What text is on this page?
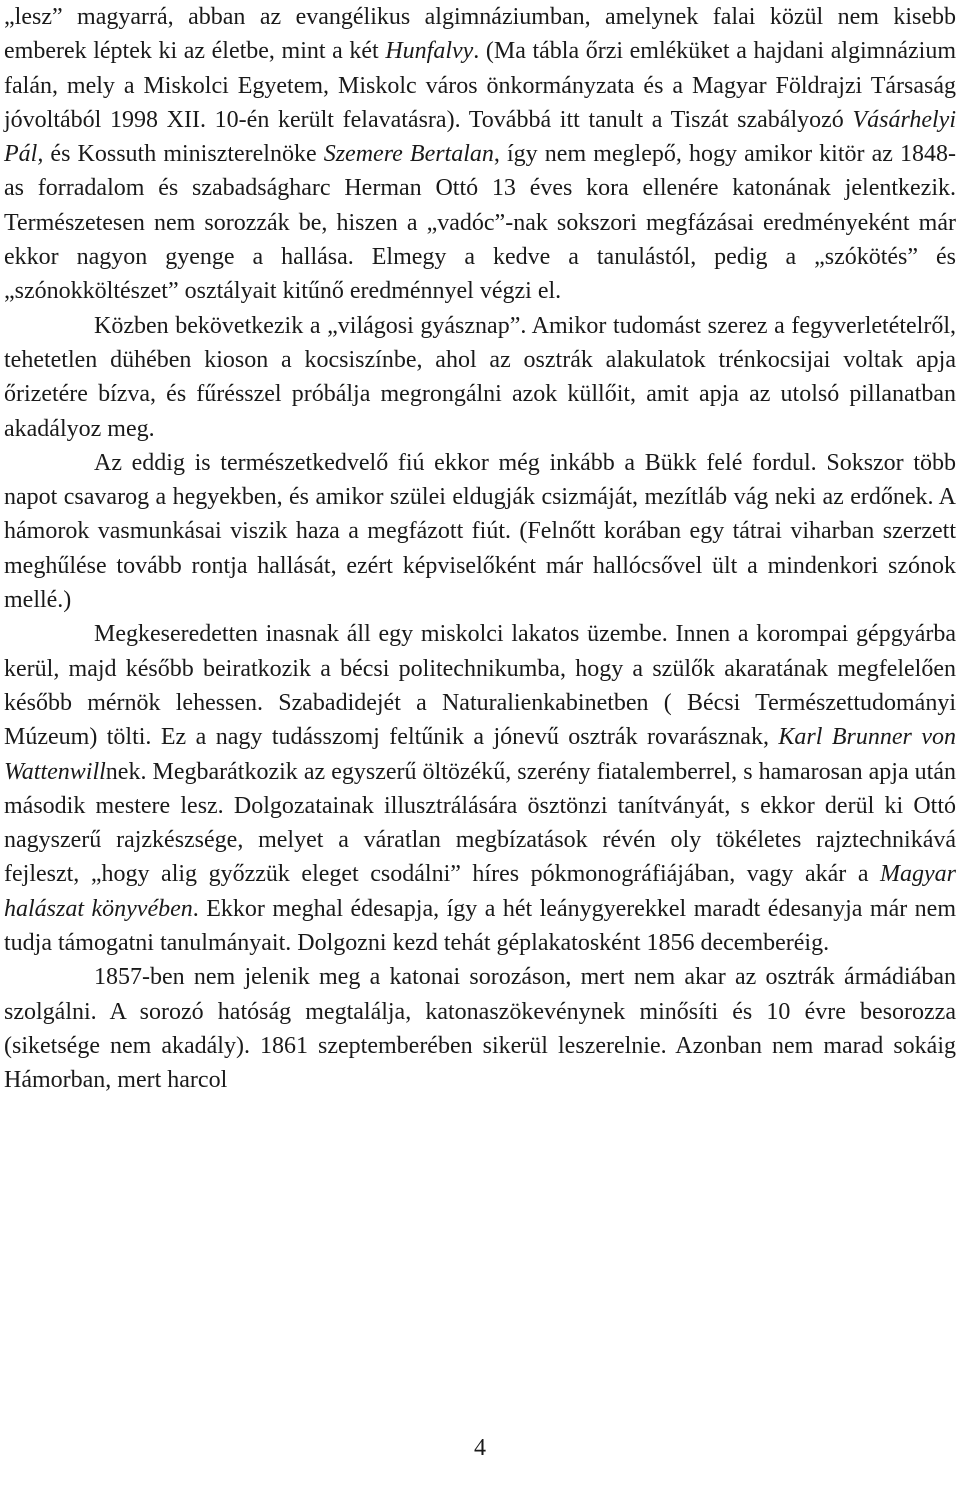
„lesz” magyarrá, abban az evangélikus algimnáziumban, amelynek falai közül nem kisebb emberek léptek ki az életbe, mint a két Hunfalvy. (Ma tábla őrzi emléküket a hajdani algimnázium falán, mely a Miskolci Egyetem, Miskolc város önkormányzata és a Magyar Földrajzi Társaság jóvoltából 1998 XII. 10-én került felavatásra). Továbbá itt tanult a Tiszát szabályozó Vásárhelyi Pál, és Kossuth miniszterelnöke Szemere Bertalan, így nem meglepő, hogy amikor kitör az 1848-as forradalom és szabadságharc Herman Ottó 13 éves kora ellenére katonának jelentkezik. Természetesen nem sorozzák be, hiszen a „vadóc”-nak sokszori megfázásai eredményeként már ekkor nagyon gyenge a hallása. Elmegy a kedve a tanulástól, pedig a „szókötés” és „szónokköltészet” osztályait kitűnő eredménnyel végzi el.

Közben bekövetkezik a „világosi gyásznap”. Amikor tudomást szerez a fegyverletételről, tehetetlen dühében kioson a kocsiszínbe, ahol az osztrák alakulatok trénkocsijai voltak apja őrizetére bízva, és fűrésszel próbálja megrongálni azok küllőit, amit apja az utolsó pillanatban akadályoz meg.

Az eddig is természetkedvelő fiú ekkor még inkább a Bükk felé fordul. Sokszor több napot csavarog a hegyekben, és amikor szülei eldugják csizmáját, mezítláb vág neki az erdőnek. A hámorok vasmunkásai viszik haza a megfázott fiút. (Felnőtt korában egy tátrai viharban szerzett meghűlése tovább rontja hallását, ezért képviselőként már hallócsővel ült a mindenkori szónok mellé.)

Megkeseredetten inasnak áll egy miskolci lakatos üzembe. Innen a korompai gépgyárba kerül, majd később beiratkozik a bécsi politechnikumba, hogy a szülők akaratának megfelelően később mérnök lehessen. Szabadidejét a Naturalienkabinetben ( Bécsi Természettudományi Múzeum) tölti. Ez a nagy tudásszomj feltűnik a jónevű osztrák rovarásznak, Karl Brunner von Wattenwillnek. Megbarátkozik az egyszerű öltözékű, szerény fiatalemberrel, s hamarosan apja után második mestere lesz. Dolgozatainak illusztrálására ösztönzi tanítványát, s ekkor derül ki Ottó nagyszerű rajzkészsége, melyet a váratlan megbízatások révén oly tökéletes rajztechnikává fejleszt, „hogy alig győzzük eleget csodálni” híres pókmonográfiájában, vagy akár a Magyar halászat könyvében. Ekkor meghal édesapja, így a hét leánygyerekkel maradt édesanyja már nem tudja támogatni tanulmányait. Dolgozni kezd tehát géplakatosként 1856 decemberéig.

1857-ben nem jelenik meg a katonai sorozáson, mert nem akar az osztrák ármádiában szolgálni. A sorozó hatóság megtalálja, katonaszökevénynek minősíti és 10 évre besorozza (siketsége nem akadály). 1861 szeptemberében sikerül leszerelnie. Azonban nem marad sokáig Hámorban, mert harcol

4
